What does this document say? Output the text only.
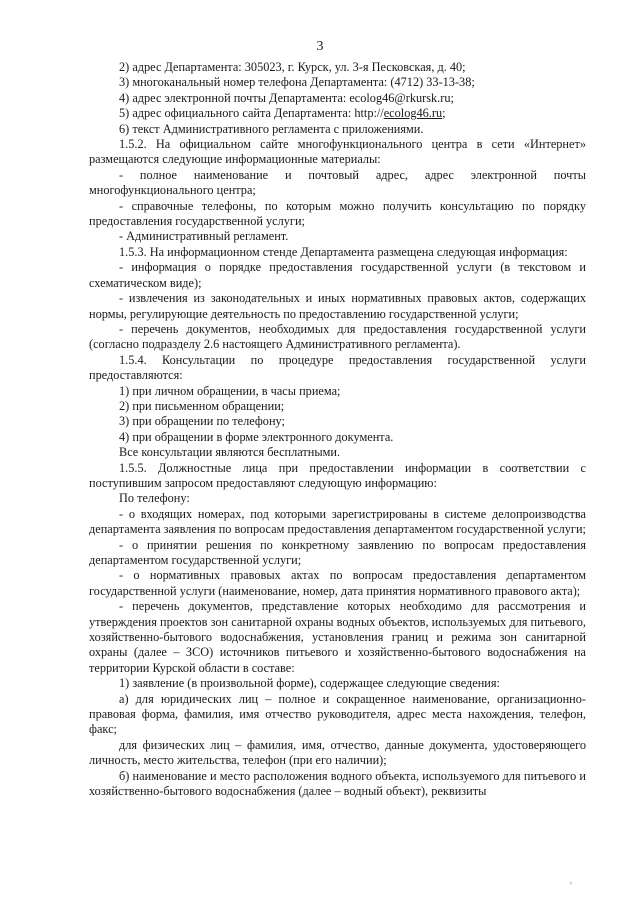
3

2) адрес Департамента: 305023, г. Курск, ул. 3-я Песковская, д. 40;

3) многоканальный номер телефона Департамента: (4712) 33-13-38;

4) адрес электронной почты Департамента: ecolog46@rkursk.ru;

5) адрес официального сайта Департамента: http://ecolog46.ru;

6) текст Административного регламента с приложениями.

1.5.2. На официальном сайте многофункционального центра в сети «Интернет» размещаются следующие информационные материалы:

- полное наименование и почтовый адрес, адрес электронной почты многофункционального центра;

- справочные телефоны, по которым можно получить консультацию по порядку предоставления государственной услуги;

- Административный регламент.

1.5.3. На информационном стенде Департамента размещена следующая информация:

- информация о порядке предоставления государственной услуги (в текстовом и схематическом виде);

- извлечения из законодательных и иных нормативных правовых актов, содержащих нормы, регулирующие деятельность по предоставлению государственной услуги;

- перечень документов, необходимых для предоставления государственной услуги (согласно подразделу 2.6 настоящего Административного регламента).

1.5.4. Консультации по процедуре предоставления государственной услуги предоставляются:

1) при личном обращении, в часы приема;

2) при письменном обращении;

3) при обращении по телефону;

4) при обращении в форме электронного документа.

Все консультации являются бесплатными.

1.5.5. Должностные лица при предоставлении информации в соответствии с поступившим запросом предоставляют следующую информацию:

По телефону:

- о входящих номерах, под которыми зарегистрированы в системе делопроизводства департамента заявления по вопросам предоставления департаментом государственной услуги;

- о принятии решения по конкретному заявлению по вопросам предоставления департаментом государственной услуги;

- о нормативных правовых актах по вопросам предоставления департаментом государственной услуги (наименование, номер, дата принятия нормативного правового акта);

- перечень документов, представление которых необходимо для рассмотрения и утверждения проектов зон санитарной охраны водных объектов, используемых для питьевого, хозяйственно-бытового водоснабжения, установления границ и режима зон санитарной охраны (далее – ЗСО) источников питьевого и хозяйственно-бытового водоснабжения на территории Курской области в составе:

1) заявление (в произвольной форме), содержащее следующие сведения:

а) для юридических лиц – полное и сокращенное наименование, организационно-правовая форма, фамилия, имя отчество руководителя, адрес места нахождения, телефон, факс;

для физических лиц – фамилия, имя, отчество, данные документа, удостоверяющего личность, место жительства, телефон (при его наличии);

б) наименование и место расположения водного объекта, используемого для питьевого и хозяйственно-бытового водоснабжения (далее – водный объект), реквизиты

,
